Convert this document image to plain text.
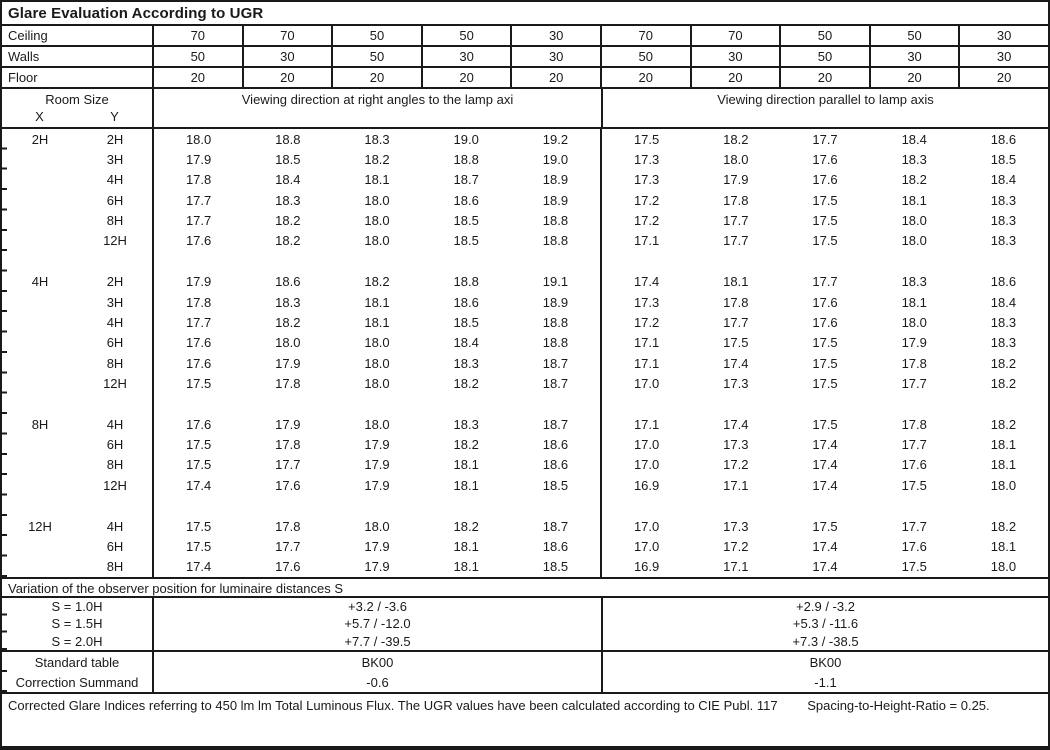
Glare Evaluation According to UGR
Ceiling	70	70	50	50	30	70	70	50	50	30
Walls	50	30	50	30	30	50	30	50	30	30
Floor	20	20	20	20	20	20	20	20	20	20
Room Size
X	Y
Viewing direction at right angles to the lamp axi	Viewing direction parallel to lamp axis
2H	2H	18.0	18.8	18.3	19.0	19.2	17.5	18.2	17.7	18.4	18.6
3H	17.9	18.5	18.2	18.8	19.0	17.3	18.0	17.6	18.3	18.5
4H	17.8	18.4	18.1	18.7	18.9	17.3	17.9	17.6	18.2	18.4
6H	17.7	18.3	18.0	18.6	18.9	17.2	17.8	17.5	18.1	18.3
8H	17.7	18.2	18.0	18.5	18.8	17.2	17.7	17.5	18.0	18.3
12H	17.6	18.2	18.0	18.5	18.8	17.1	17.7	17.5	18.0	18.3
4H	2H	17.9	18.6	18.2	18.8	19.1	17.4	18.1	17.7	18.3	18.6
3H	17.8	18.3	18.1	18.6	18.9	17.3	17.8	17.6	18.1	18.4
4H	17.7	18.2	18.1	18.5	18.8	17.2	17.7	17.6	18.0	18.3
6H	17.6	18.0	18.0	18.4	18.8	17.1	17.5	17.5	17.9	18.3
8H	17.6	17.9	18.0	18.3	18.7	17.1	17.4	17.5	17.8	18.2
12H	17.5	17.8	18.0	18.2	18.7	17.0	17.3	17.5	17.7	18.2
8H	4H	17.6	17.9	18.0	18.3	18.7	17.1	17.4	17.5	17.8	18.2
6H	17.5	17.8	17.9	18.2	18.6	17.0	17.3	17.4	17.7	18.1
8H	17.5	17.7	17.9	18.1	18.6	17.0	17.2	17.4	17.6	18.1
12H	17.4	17.6	17.9	18.1	18.5	16.9	17.1	17.4	17.5	18.0
12H	4H	17.5	17.8	18.0	18.2	18.7	17.0	17.3	17.5	17.7	18.2
6H	17.5	17.7	17.9	18.1	18.6	17.0	17.2	17.4	17.6	18.1
8H	17.4	17.6	17.9	18.1	18.5	16.9	17.1	17.4	17.5	18.0
Variation of the observer position for luminaire distances S
S = 1.0H	+3.2 / -3.6	+2.9 / -3.2
S = 1.5H	+5.7 / -12.0	+5.3 / -11.6
S = 2.0H	+7.7 / -39.5	+7.3 / -38.5
Standard table	BK00	BK00
Correction Summand	-0.6	-1.1
Corrected Glare Indices referring to 450 lm lm Total Luminous Flux. The UGR values have been calculated according to CIE Publ. 117 Spacing-to-Height-Ratio = 0.25.
